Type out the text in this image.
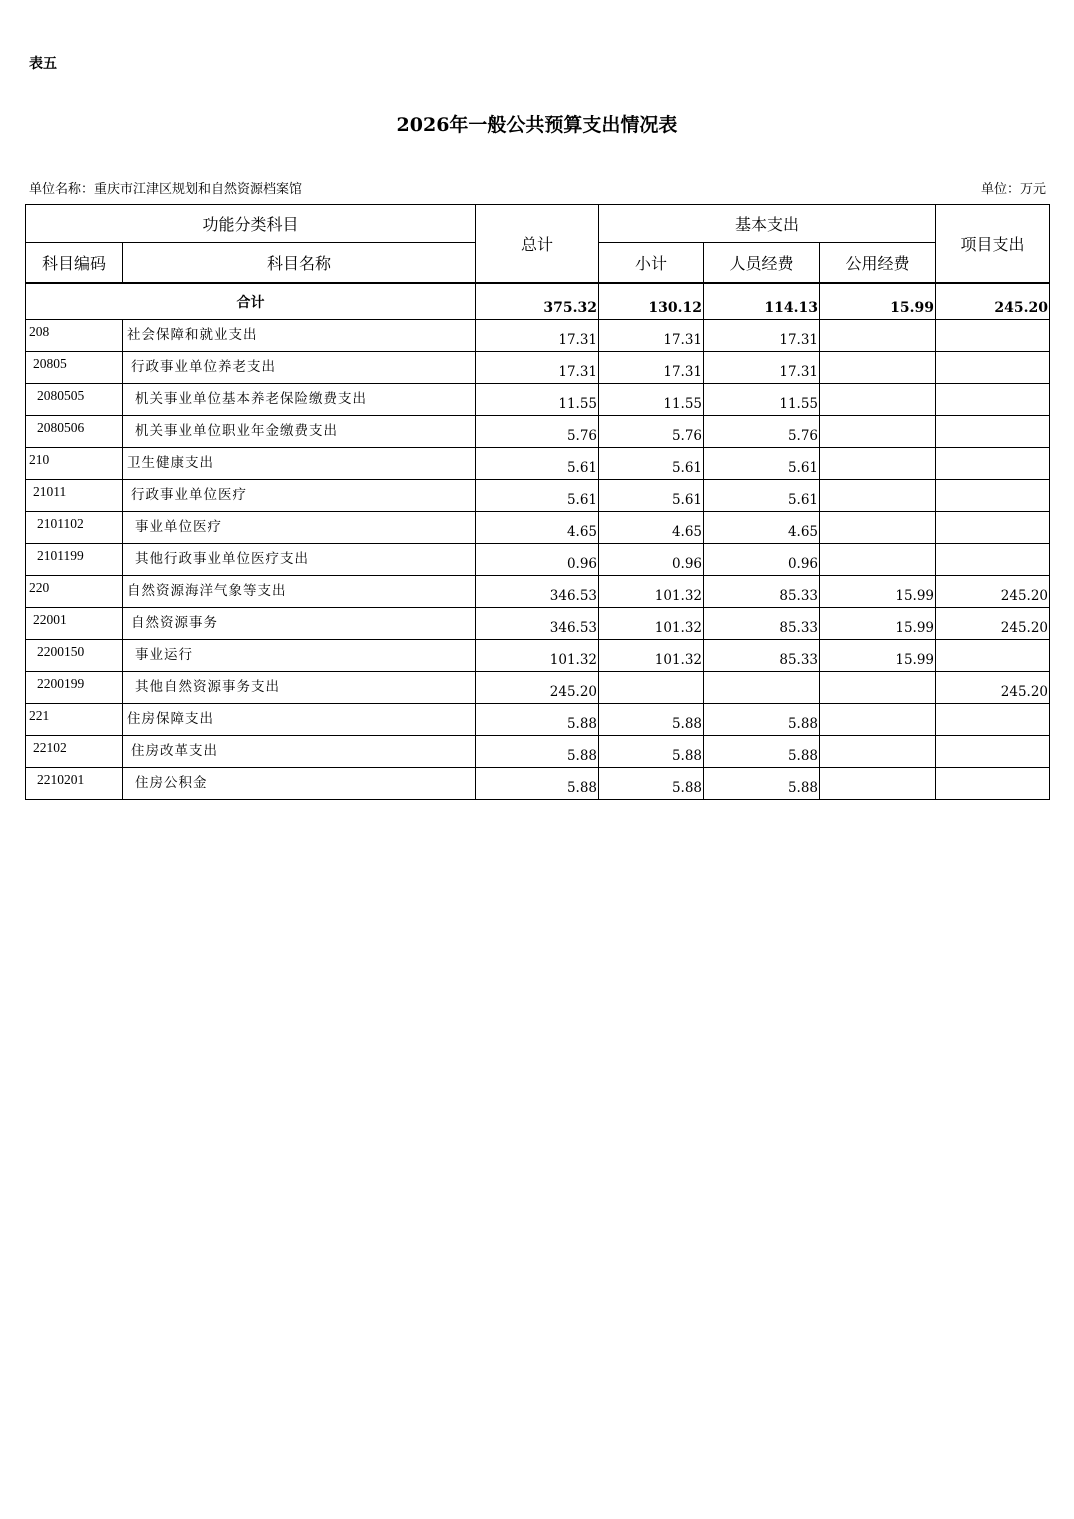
表五
2026年一般公共预算支出情况表
单位名称：重庆市江津区规划和自然资源档案馆	单位：万元
功能分类科目		总计	基本支出			项目支出
科目编码	科目名称		小计	人员经费	公用经费	
合计		375.32	130.12	114.13	15.99	245.20
208	社会保障和就业支出	17.31	17.31	17.31		
20805	行政事业单位养老支出	17.31	17.31	17.31		
2080505	机关事业单位基本养老保险缴费支出	11.55	11.55	11.55		
2080506	机关事业单位职业年金缴费支出	5.76	5.76	5.76		
210	卫生健康支出	5.61	5.61	5.61		
21011	行政事业单位医疗	5.61	5.61	5.61		
2101102	事业单位医疗	4.65	4.65	4.65		
2101199	其他行政事业单位医疗支出	0.96	0.96	0.96		
220	自然资源海洋气象等支出	346.53	101.32	85.33	15.99	245.20
22001	自然资源事务	346.53	101.32	85.33	15.99	245.20
2200150	事业运行	101.32	101.32	85.33	15.99	
2200199	其他自然资源事务支出	245.20				245.20
221	住房保障支出	5.88	5.88	5.88		
22102	住房改革支出	5.88	5.88	5.88		
2210201	住房公积金	5.88	5.88	5.88		
